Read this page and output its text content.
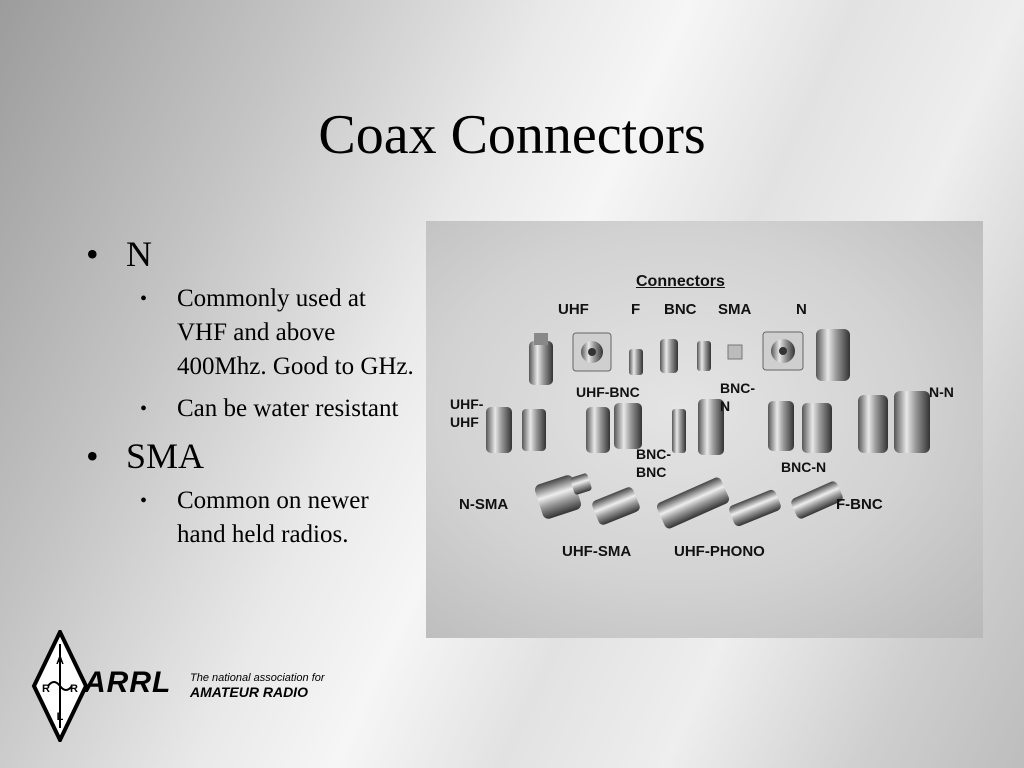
Coax Connectors
• N
•	Commonly used at VHF and above 400Mhz. Good to GHz.
•	Can be water resistant
• SMA
•	Common on newer hand held radios.
Connectors
UHF	F BNC SMA	N
UHF-BNC	BNC-
N
N-N
UHF-
UHF
BNC-
BNC	BNC-N
N-SMA	F-BNC
UHF-SMA	UHF-PHONO
A
R R
L
ARRL The national association for
AMATEUR RADIO
